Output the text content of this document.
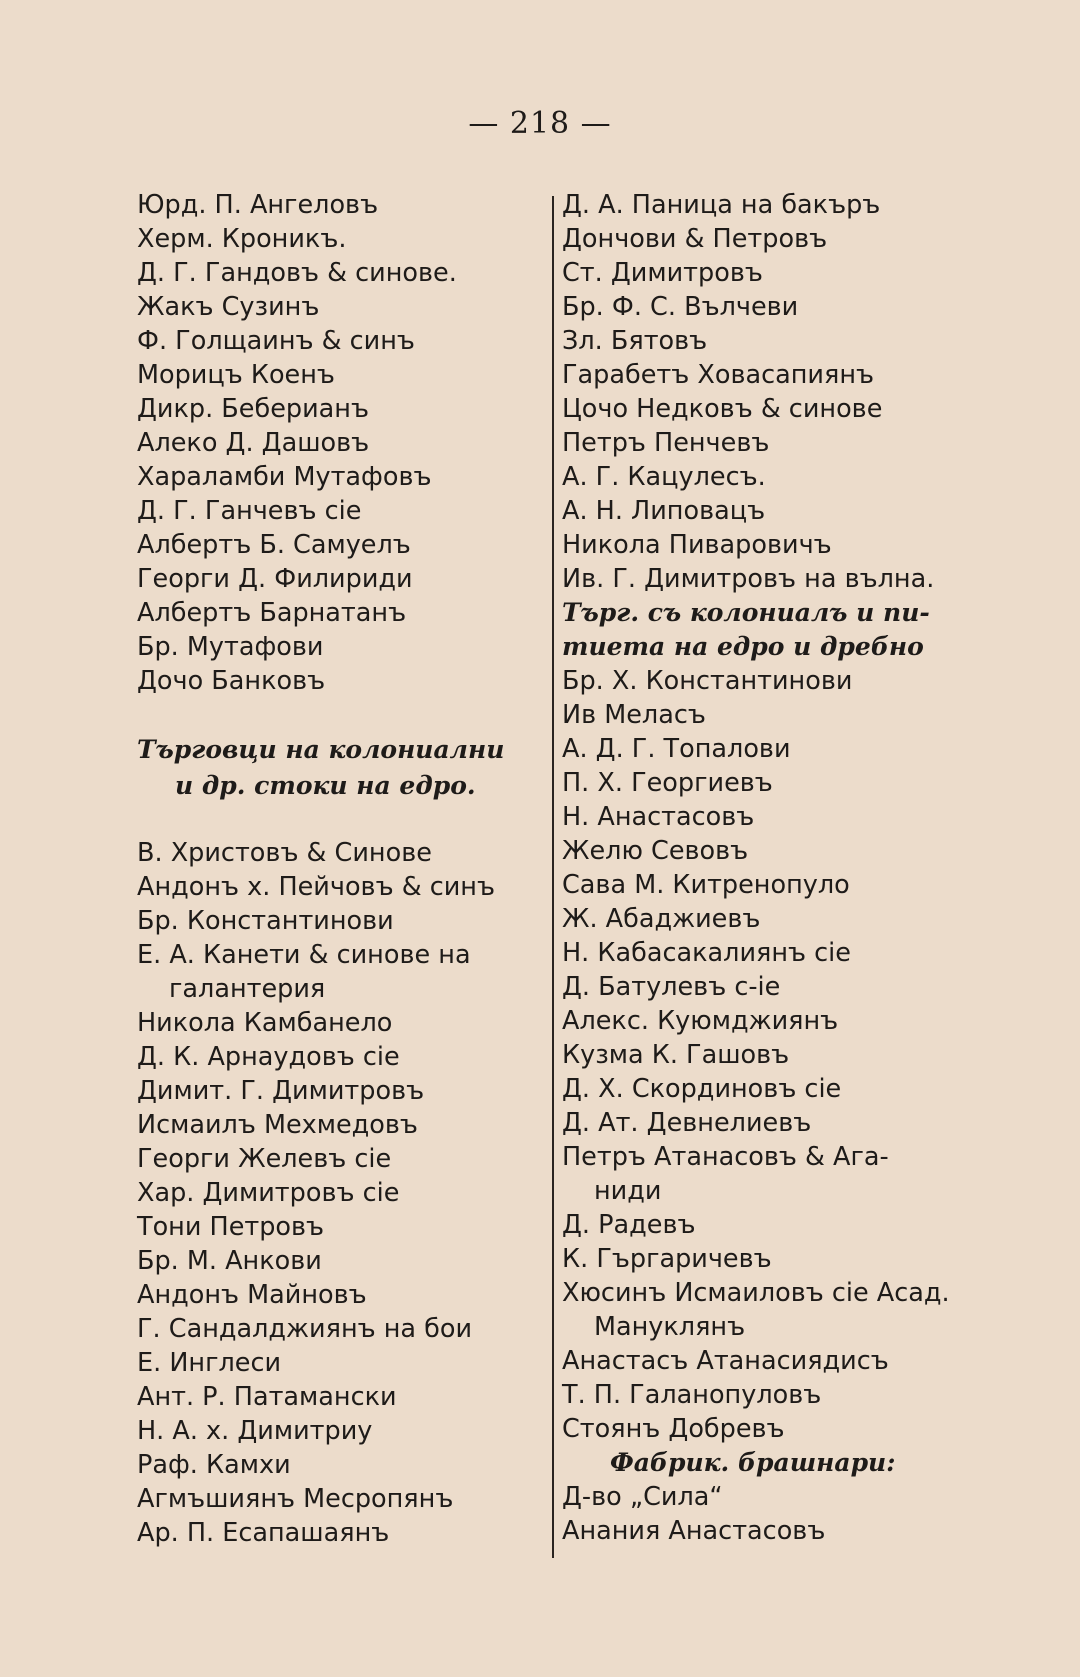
— 218 —
Юрд. П. Ангеловъ
Херм. Кроникъ.
Д. Г. Гандовъ & синове.
Жакъ Сузинъ
Ф. Голщаинъ & синъ
Морицъ Коенъ
Дикр. Беберианъ
Алеко Д. Дашовъ
Хараламби Мутафовъ
Д. Г. Ганчевъ сіе
Албертъ Б. Самуелъ
Георги Д. Филириди
Албертъ Барнатанъ
Бр. Мутафови
Дочо Банковъ
Търговци на колониални
и др. стоки на едро.
В. Христовъ & Синове
Андонъ х. Пейчовъ & синъ
Бр. Константинови
Е. А. Канети & синове на
галантерия
Никола Камбанело
Д. К. Арнаудовъ сіе
Димит. Г. Димитровъ
Исмаилъ Мехмедовъ
Георги Желевъ сіе
Хар. Димитровъ сіе
Тони Петровъ
Бр. М. Анкови
Андонъ Майновъ
Г. Сандалджиянъ на бои
Е. Инглеси
Ант. Р. Патамански
Н. А. х. Димитриу
Раф. Камхи
Агмъшиянъ Месропянъ
Ар. П. Есапашаянъ
Д. А. Паница на бакъръ
Дончови & Петровъ
Ст. Димитровъ
Бр. Ф. С. Вълчеви
Зл. Бятовъ
Гарабетъ Ховасапиянъ
Цочо Недковъ & синове
Петръ Пенчевъ
А. Г. Кацулесъ.
А. Н. Липовацъ
Никола Пиваровичъ
Ив. Г. Димитровъ на вълна.
Търг. съ колониалъ и пи-
тиета на едро и дребно
Бр. Х. Константинови
Ив Меласъ
А. Д. Г. Топалови
П. Х. Георгиевъ
Н. Анастасовъ
Желю Севовъ
Сава М. Китренопуло
Ж. Абаджиевъ
Н. Кабасакалиянъ сіе
Д. Батулевъ с-іе
Алекс. Куюмджиянъ
Кузма К. Гашовъ
Д. Х. Скординовъ сіе
Д. Ат. Девнелиевъ
Петръ Атанасовъ & Ага-
ниди
Д. Радевъ
К. Гъргаричевъ
Хюсинъ Исмаиловъ сіе Асад.
Мануклянъ
Анастасъ Атанасиядисъ
Т. П. Галанопуловъ
Стоянъ Добревъ
Фабрик. брашнари:
Д-во „Сила“
Анания Анастасовъ
